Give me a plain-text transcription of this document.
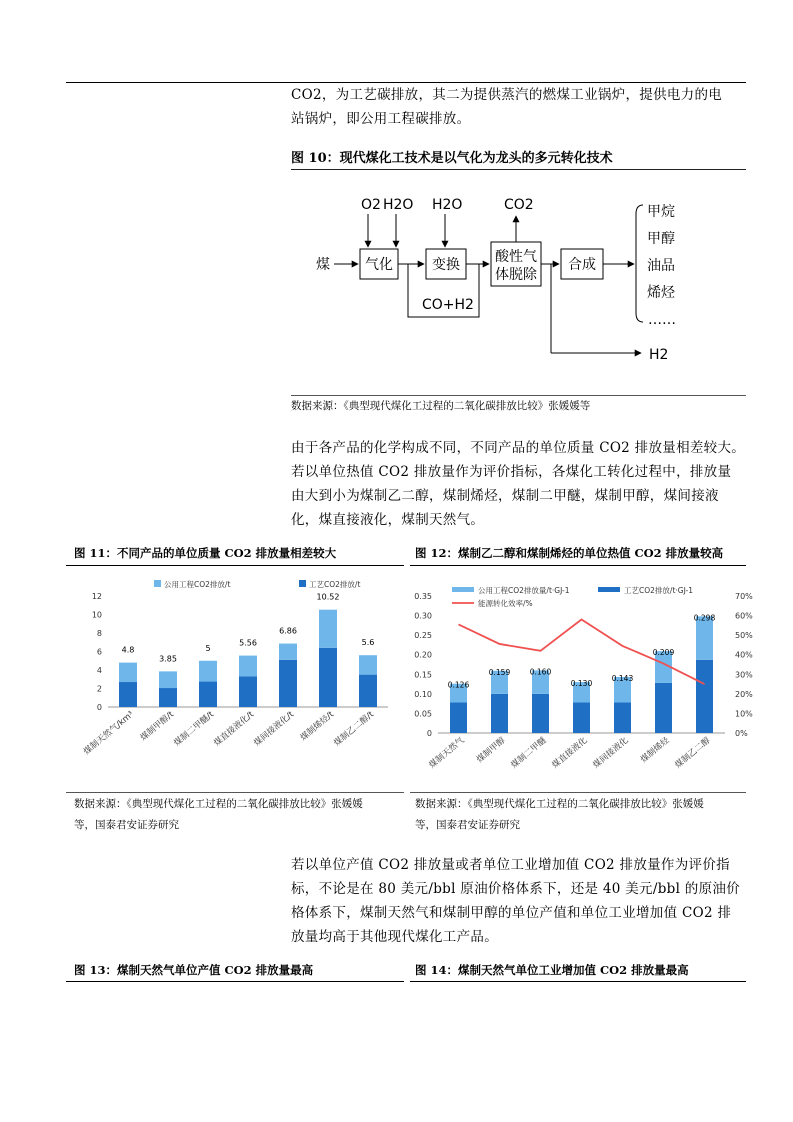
CO2，为工艺碳排放，其二为提供蒸汽的燃煤工业锅炉，提供电力的电
站锅炉，即公用工程碳排放。
图 10：现代煤化工技术是以气化为龙头的多元转化技术
煤	气化
O2 H2O
变换
H2O
酸性气
体脱除
CO2
合成
甲烷
甲醇
油品
烯烃
……
CO+H2
H2
数据来源：《典型现代煤化工过程的二氧化碳排放比较》张媛媛等
由于各产品的化学构成不同，不同产品的单位质量 CO2 排放量相差较大。
若以单位热值 CO2 排放量作为评价指标，各煤化工转化过程中，排放量
由大到小为煤制乙二醇，煤制烯烃，煤制二甲醚，煤制甲醇，煤间接液
化，煤直接液化，煤制天然气。
图 11：不同产品的单位质量 CO2 排放量相差较大	图 12：煤制乙二醇和煤制烯烃的单位热值 CO2 排放量较高
0
2
4
6
8
10
12
4.8
煤制天然气/km³
3.85
煤制甲醇/t
5
煤制二甲醚/t
5.56
煤直接液化/t
6.86
煤间接液化/t
10.52
煤制烯烃/t
5.6
煤制乙二醇/t
公用工程CO2排放/t	工艺CO2排放/t
0
0.05
0.10
0.15
0.20
0.25
0.30
0.35
0%
10%
20%
30%
40%
50%
60%
70%
0.126
煤制天然气
0.159
煤制甲醇
0.160
煤制二甲醚
0.130
煤直接液化
0.143
煤间接液化
0.209
煤制烯烃
0.298
煤制乙二醇
公用工程CO2排放量/t·GJ-1	工艺CO2排放/t·GJ-1
能源转化效率/%
数据来源：《典型现代煤化工过程的二氧化碳排放比较》张媛媛
等，国泰君安证券研究
数据来源：《典型现代煤化工过程的二氧化碳排放比较》张媛媛
等，国泰君安证券研究
若以单位产值 CO2 排放量或者单位工业增加值 CO2 排放量作为评价指
标，不论是在 80 美元/bbl 原油价格体系下，还是 40 美元/bbl 的原油价
格体系下，煤制天然气和煤制甲醇的单位产值和单位工业增加值 CO2 排
放量均高于其他现代煤化工产品。
图 13：煤制天然气单位产值 CO2 排放量最高	图 14：煤制天然气单位工业增加值 CO2 排放量最高
